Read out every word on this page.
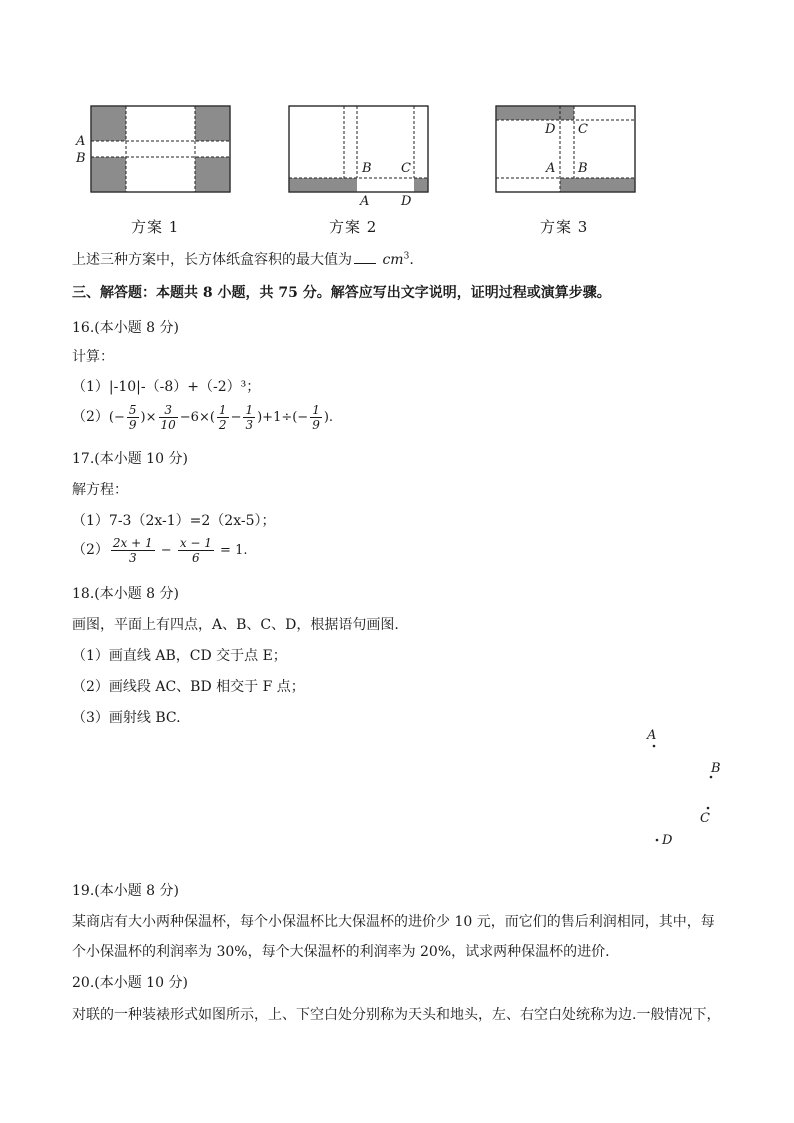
A
B
B C
A D
D C
A B
方案 1	方案 2	方案 3
上述三种方案中，长方体纸盒容积的最大值为 $cm^3$.
三、解答题：本题共 8 小题，共 75 分。解答应写出文字说明，证明过程或演算步骤。
16.(本小题 8 分)
计算：
（1）|-10|-（-8）+（-2）³；
$(2)(- \frac{5}{9}$ )× $\frac{3}{10} -6\times( \frac{1}{2} - \frac{1}{3} )+1\div(- \frac{1}{9}$ ).
17.(本小题 10 分)
解方程：
（1）7-3（2x-1）=2（2x-5）；
$(2) \frac{2x + 1}{3} - \frac{x - 1}{6} = 1$.
18.(本小题 8 分)
画图，平面上有四点，A、B、C、D，根据语句画图.
（1）画直线 AB，CD 交于点 E；
（2）画线段 AC、BD 相交于 F 点；
（3）画射线 BC.
A
B
C
D
19.(本小题 8 分)
某商店有大小两种保温杯，每个小保温杯比大保温杯的进价少 10 元，而它们的售后利润相同，其中，每
个小保温杯的利润率为 30%，每个大保温杯的利润率为 20%，试求两种保温杯的进价.
20.(本小题 10 分)
对联的一种装裱形式如图所示，上、下空白处分别称为天头和地头，左、右空白处统称为边.一般情况下，
